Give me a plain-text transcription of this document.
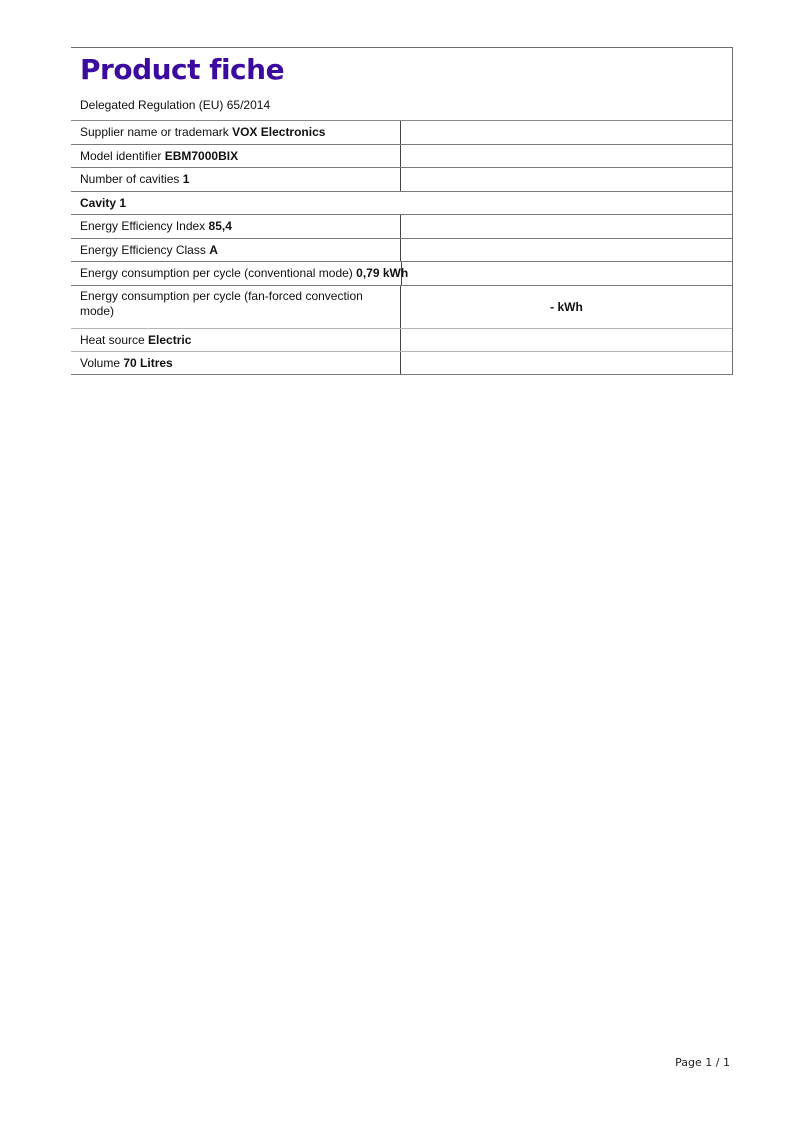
Product fiche
Delegated Regulation (EU) 65/2014
Supplier name or trademark VOX Electronics
Model identifier EBM7000BIX
Number of cavities 1
Cavity 1
Energy Efficiency Index 85,4
Energy Efficiency Class A
Energy consumption per cycle (conventional mode) 0,79 kWh
Energy consumption per cycle (fan-forced convection mode)	- kWh
Heat source Electric
Volume 70 Litres
Page 1 / 1
